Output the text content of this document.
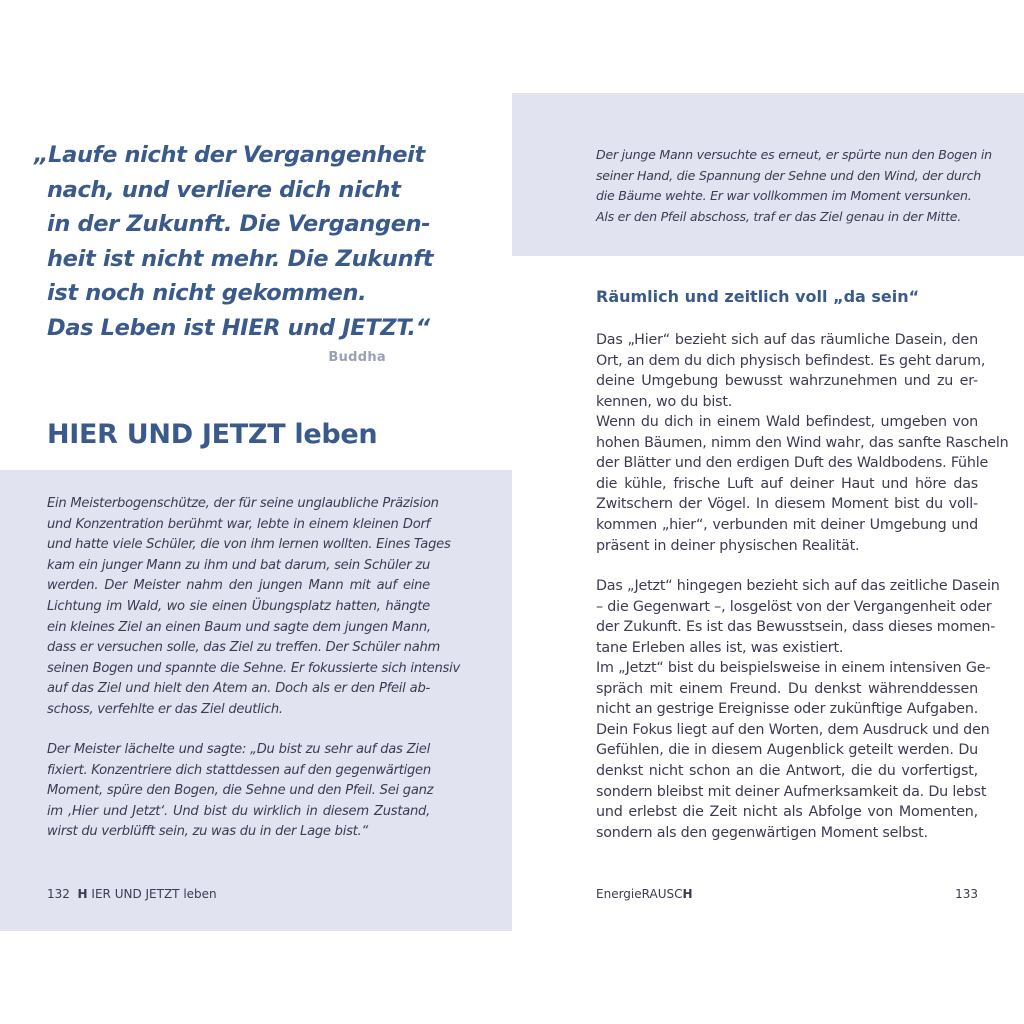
„Laufe nicht der Vergangenheit
nach, und verliere dich nicht
in der Zukunft. Die Vergangen-
heit ist nicht mehr. Die Zukunft
ist noch nicht gekommen.
Das Leben ist HIER und JETZT.“
Buddha
HIER UND JETZT leben
Ein Meisterbogenschütze, der für seine unglaubliche Präzision
und Konzentration berühmt war, lebte in einem kleinen Dorf
und hatte viele Schüler, die von ihm lernen wollten. Eines Tages
kam ein junger Mann zu ihm und bat darum, sein Schüler zu
werden. Der Meister nahm den jungen Mann mit auf eine
Lichtung im Wald, wo sie einen Übungsplatz hatten, hängte
ein kleines Ziel an einen Baum und sagte dem jungen Mann,
dass er versuchen solle, das Ziel zu treffen. Der Schüler nahm
seinen Bogen und spannte die Sehne. Er fokussierte sich intensiv
auf das Ziel und hielt den Atem an. Doch als er den Pfeil ab-
schoss, verfehlte er das Ziel deutlich.
Der Meister lächelte und sagte: „Du bist zu sehr auf das Ziel
fixiert. Konzentriere dich stattdessen auf den gegenwärtigen
Moment, spüre den Bogen, die Sehne und den Pfeil. Sei ganz
im ‚Hier und Jetzt‘. Und bist du wirklich in diesem Zustand,
wirst du verblüfft sein, zu was du in der Lage bist.“
132 H IER UND JETZT leben
Der junge Mann versuchte es erneut, er spürte nun den Bogen in
seiner Hand, die Spannung der Sehne und den Wind, der durch
die Bäume wehte. Er war vollkommen im Moment versunken.
Als er den Pfeil abschoss, traf er das Ziel genau in der Mitte.
Räumlich und zeitlich voll „da sein“
Das „Hier“ bezieht sich auf das räumliche Dasein, den
Ort, an dem du dich physisch befindest. Es geht darum,
deine Umgebung bewusst wahrzunehmen und zu er-
kennen, wo du bist.
Wenn du dich in einem Wald befindest, umgeben von
hohen Bäumen, nimm den Wind wahr, das sanfte Rascheln
der Blätter und den erdigen Duft des Waldbodens. Fühle
die kühle, frische Luft auf deiner Haut und höre das
Zwitschern der Vögel. In diesem Moment bist du voll-
kommen „hier“, verbunden mit deiner Umgebung und
präsent in deiner physischen Realität.
Das „Jetzt“ hingegen bezieht sich auf das zeitliche Dasein
– die Gegenwart –, losgelöst von der Vergangenheit oder
der Zukunft. Es ist das Bewusstsein, dass dieses momen-
tane Erleben alles ist, was existiert.
Im „Jetzt“ bist du beispielsweise in einem intensiven Ge-
spräch mit einem Freund. Du denkst währenddessen
nicht an gestrige Ereignisse oder zukünftige Aufgaben.
Dein Fokus liegt auf den Worten, dem Ausdruck und den
Gefühlen, die in diesem Augenblick geteilt werden. Du
denkst nicht schon an die Antwort, die du vorfertigst,
sondern bleibst mit deiner Aufmerksamkeit da. Du lebst
und erlebst die Zeit nicht als Abfolge von Momenten,
sondern als den gegenwärtigen Moment selbst.
EnergieRAUSCH	133
